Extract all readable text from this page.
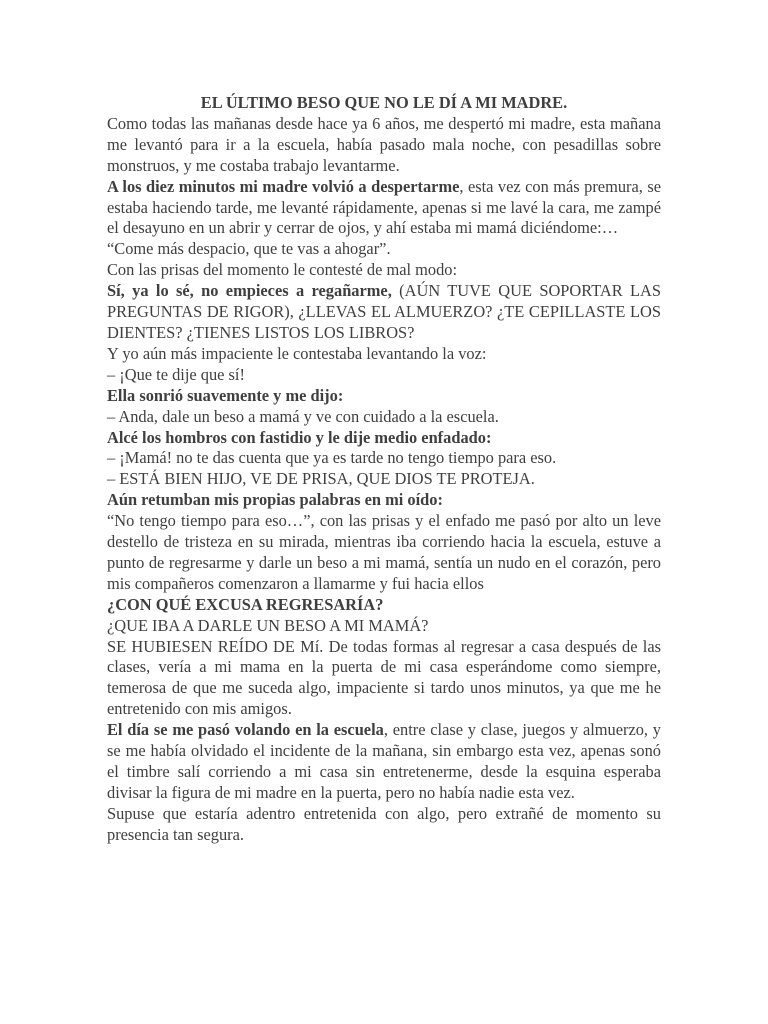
EL ÚLTIMO BESO QUE NO LE DÍ A MI MADRE.

Como todas las mañanas desde hace ya 6 años, me despertó mi madre, esta mañana me levantó para ir a la escuela, había pasado mala noche, con pesadillas sobre monstruos, y me costaba trabajo levantarme.

A los diez minutos mi madre volvió a despertarme, esta vez con más premura, se estaba haciendo tarde, me levanté rápidamente, apenas si me lavé la cara, me zampé el desayuno en un abrir y cerrar de ojos, y ahí estaba mi mamá diciéndome:…

“Come más despacio, que te vas a ahogar”.

Con las prisas del momento le contesté de mal modo:

Sí, ya lo sé, no empieces a regañarme, (AÚN TUVE QUE SOPORTAR LAS PREGUNTAS DE RIGOR), ¿LLEVAS EL ALMUERZO? ¿TE CEPILLASTE LOS DIENTES? ¿TIENES LISTOS LOS LIBROS?

Y yo aún más impaciente le contestaba levantando la voz:

– ¡Que te dije que sí!

Ella sonrió suavemente y me dijo:

– Anda, dale un beso a mamá y ve con cuidado a la escuela.

Alcé los hombros con fastidio y le dije medio enfadado:

– ¡Mamá! no te das cuenta que ya es tarde no tengo tiempo para eso.

– ESTÁ BIEN HIJO, VE DE PRISA, QUE DIOS TE PROTEJA.

Aún retumban mis propias palabras en mi oído:

“No tengo tiempo para eso…”, con las prisas y el enfado me pasó por alto un leve destello de tristeza en su mirada, mientras iba corriendo hacia la escuela, estuve a punto de regresarme y darle un beso a mi mamá, sentía un nudo en el corazón, pero mis compañeros comenzaron a llamarme y fui hacia ellos

¿CON QUÉ EXCUSA REGRESARÍA?

¿QUE IBA A DARLE UN BESO A MI MAMÁ?

SE HUBIESEN REÍDO DE Mí. De todas formas al regresar a casa después de las clases, vería a mi mama en la puerta de mi casa esperándome como siempre, temerosa de que me suceda algo, impaciente si tardo unos minutos, ya que me he entretenido con mis amigos.

El día se me pasó volando en la escuela, entre clase y clase, juegos y almuerzo, y se me había olvidado el incidente de la mañana, sin embargo esta vez, apenas sonó el timbre salí corriendo a mi casa sin entretenerme, desde la esquina esperaba divisar la figura de mi madre en la puerta, pero no había nadie esta vez.

Supuse que estaría adentro entretenida con algo, pero extrañé de momento su presencia tan segura.
